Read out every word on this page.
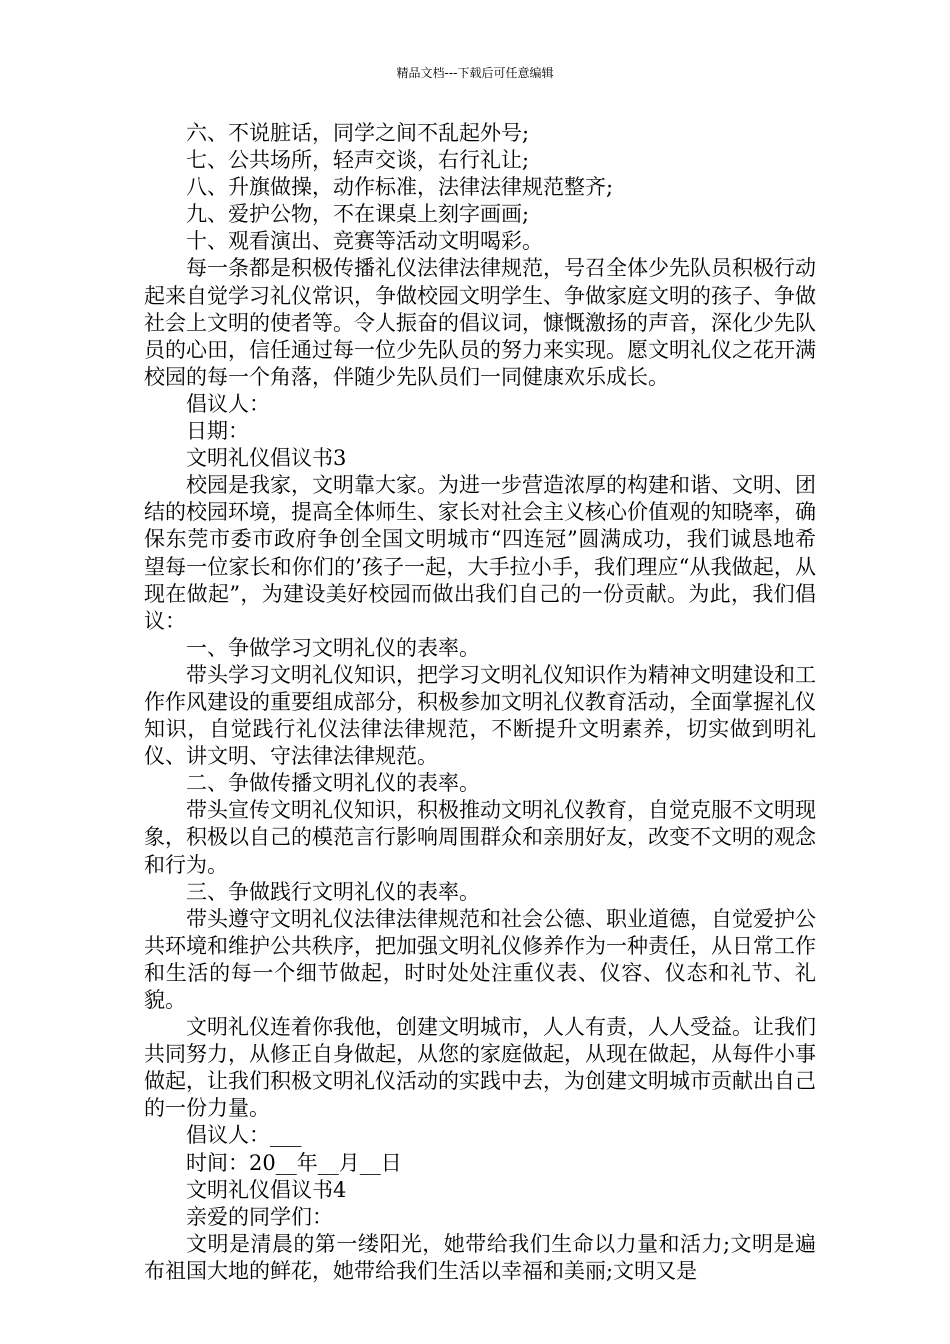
精品文档---下载后可任意编辑

六、不说脏话，同学之间不乱起外号;

七、公共场所，轻声交谈，右行礼让;

八、升旗做操，动作标准，法律法律规范整齐;

九、爱护公物，不在课桌上刻字画画;

十、观看演出、竞赛等活动文明喝彩。

每一条都是积极传播礼仪法律法律规范，号召全体少先队员积极行动起来自觉学习礼仪常识，争做校园文明学生、争做家庭文明的孩子、争做社会上文明的使者等。令人振奋的倡议词，慷慨激扬的声音，深化少先队员的心田，信任通过每一位少先队员的努力来实现。愿文明礼仪之花开满校园的每一个角落，伴随少先队员们一同健康欢乐成长。

倡议人：

日期：

文明礼仪倡议书3

校园是我家，文明靠大家。为进一步营造浓厚的构建和谐、文明、团结的校园环境，提高全体师生、家长对社会主义核心价值观的知晓率，确保东莞市委市政府争创全国文明城市“四连冠”圆满成功，我们诚恳地希望每一位家长和你们的’孩子一起，大手拉小手，我们理应“从我做起，从现在做起”，为建设美好校园而做出我们自己的一份贡献。为此，我们倡议：

一、争做学习文明礼仪的表率。

带头学习文明礼仪知识，把学习文明礼仪知识作为精神文明建设和工作作风建设的重要组成部分，积极参加文明礼仪教育活动，全面掌握礼仪知识，自觉践行礼仪法律法律规范，不断提升文明素养，切实做到明礼仪、讲文明、守法律法律规范。

二、争做传播文明礼仪的表率。

带头宣传文明礼仪知识，积极推动文明礼仪教育，自觉克服不文明现象，积极以自己的模范言行影响周围群众和亲朋好友，改变不文明的观念和行为。

三、争做践行文明礼仪的表率。

带头遵守文明礼仪法律法律规范和社会公德、职业道德，自觉爱护公共环境和维护公共秩序，把加强文明礼仪修养作为一种责任，从日常工作和生活的每一个细节做起，时时处处注重仪表、仪容、仪态和礼节、礼貌。

文明礼仪连着你我他，创建文明城市，人人有责，人人受益。让我们共同努力，从修正自身做起，从您的家庭做起，从现在做起，从每件小事做起，让我们积极文明礼仪活动的实践中去，为创建文明城市贡献出自己的一份力量。

倡议人：___

时间：20__年__月__日

文明礼仪倡议书4

亲爱的同学们：

文明是清晨的第一缕阳光，她带给我们生命以力量和活力;文明是遍布祖国大地的鲜花，她带给我们生活以幸福和美丽;文明又是
